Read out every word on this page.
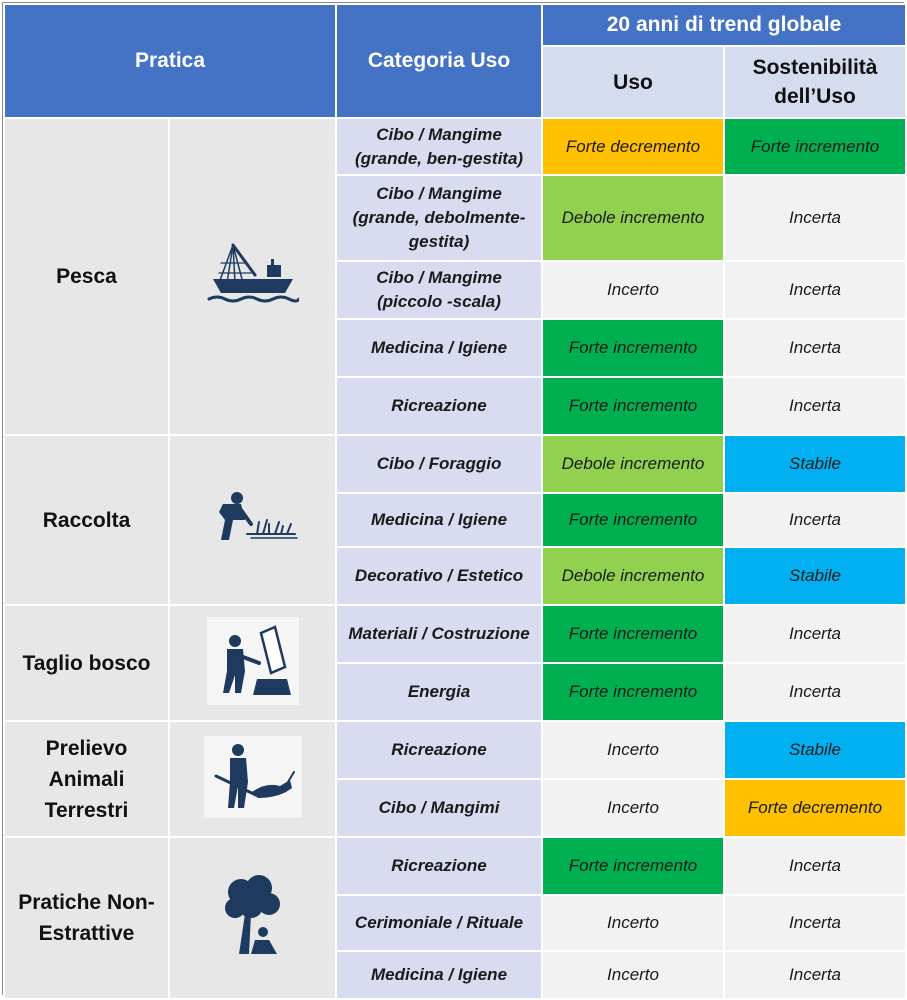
Pratica		Categoria Uso	20 anni di trend globale	
			Uso	Sostenibilità dell’Uso
Pesca		Cibo / Mangime (grande, ben-gestita)	Forte decremento	Forte incremento
		Cibo / Mangime (grande, debolmente-gestita)	Debole incremento	Incerta
		Cibo / Mangime (piccolo -scala)	Incerto	Incerta
		Medicina / Igiene	Forte incremento	Incerta
		Ricreazione	Forte incremento	Incerta
Raccolta		Cibo / Foraggio	Debole incremento	Stabile
		Medicina / Igiene	Forte incremento	Incerta
		Decorativo / Estetico	Debole incremento	Stabile
Taglio bosco		Materiali / Costruzione	Forte incremento	Incerta
		Energia	Forte incremento	Incerta
Prelievo Animali Terrestri		Ricreazione	Incerto	Stabile
		Cibo / Mangimi	Incerto	Forte decremento
Pratiche Non-Estrattive		Ricreazione	Forte incremento	Incerta
		Cerimoniale / Rituale	Incerto	Incerta
		Medicina / Igiene	Incerto	Incerta
